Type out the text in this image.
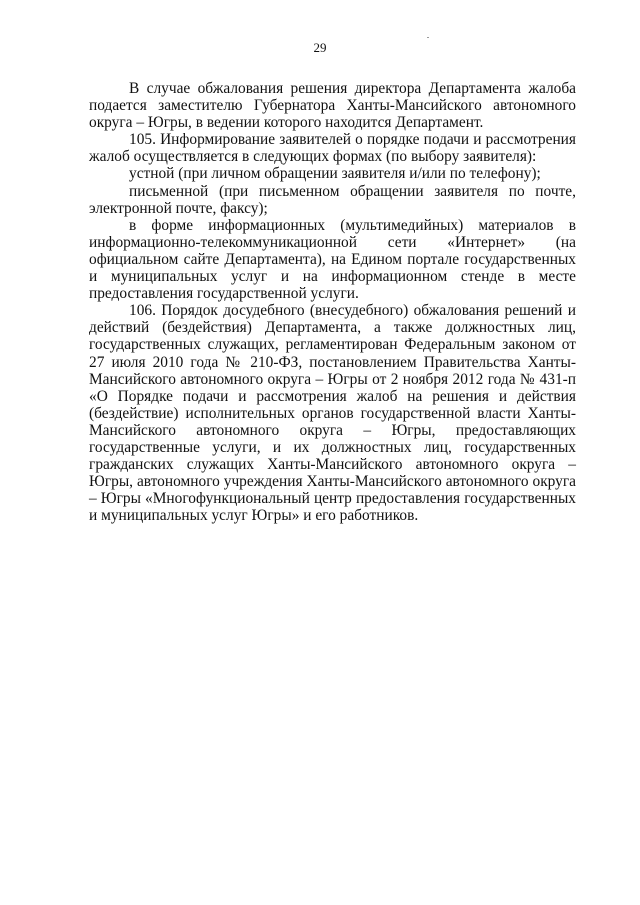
29

В случае обжалования решения директора Департамента жалоба подается заместителю Губернатора Ханты-Мансийского автономного округа – Югры, в ведении которого находится Департамент.

105. Информирование заявителей о порядке подачи и рассмотрения жалоб осуществляется в следующих формах (по выбору заявителя):

устной (при личном обращении заявителя и/или по телефону);

письменной (при письменном обращении заявителя по почте, электронной почте, факсу);

в форме информационных (мультимедийных) материалов в информационно-телекоммуникационной сети «Интернет» (на официальном сайте Департамента), на Едином портале государственных и муниципальных услуг и на информационном стенде в месте предоставления государственной услуги.

106. Порядок досудебного (внесудебного) обжалования решений и действий (бездействия) Департамента, а также должностных лиц, государственных служащих, регламентирован Федеральным законом от 27 июля 2010 года № 210-ФЗ, постановлением Правительства Ханты-Мансийского автономного округа – Югры от 2 ноября 2012 года № 431-п «О Порядке подачи и рассмотрения жалоб на решения и действия (бездействие) исполнительных органов государственной власти Ханты-Мансийского автономного округа – Югры, предоставляющих государственные услуги, и их должностных лиц, государственных гражданских служащих Ханты-Мансийского автономного округа – Югры, автономного учреждения Ханты-Мансийского автономного округа – Югры «Многофункциональный центр предоставления государственных и муниципальных услуг Югры» и его работников.
